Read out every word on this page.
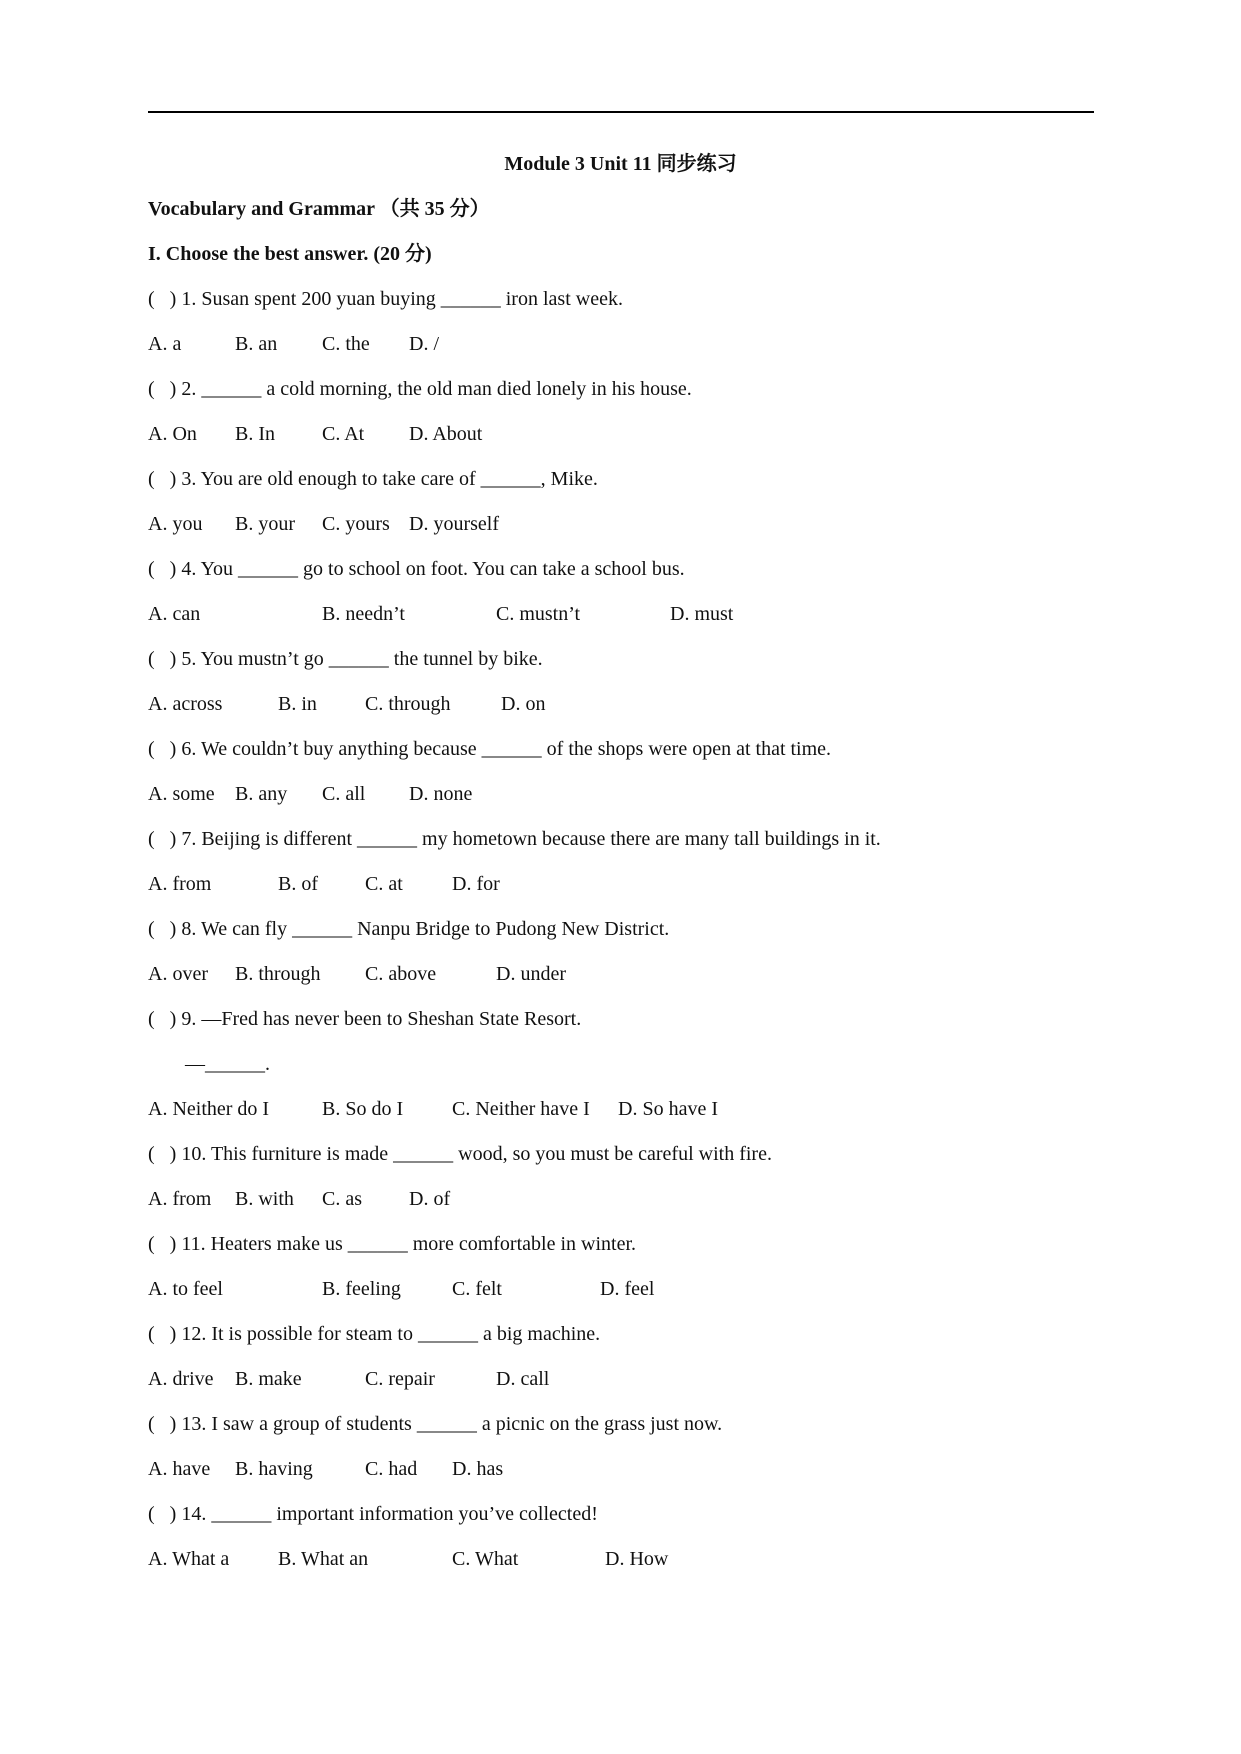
Module 3 Unit 11 同步练习

Vocabulary and Grammar （共 35 分）

I. Choose the best answer. (20 分)

(   ) 1. Susan spent 200 yuan buying ______ iron last week.

A. a	B. an C. the D. /

(   ) 2. ______ a cold morning, the old man died lonely in his house.

A. On B. In C. At D. About

(   ) 3. You are old enough to take care of ______, Mike.

A. you B. your C. yours D. yourself

(   ) 4. You ______ go to school on foot. You can take a school bus.

A. can	B. needn’t	C. mustn’t	D. must

(   ) 5. You mustn’t go ______ the tunnel by bike.

A. across	B. in C. through	D. on

(   ) 6. We couldn’t buy anything because ______ of the shops were open at that time.

A. some B. any C. all D. none

(   ) 7. Beijing is different ______ my hometown because there are many tall buildings in it.

A. from	B. of C. at D. for

(   ) 8. We can fly ______ Nanpu Bridge to Pudong New District.

A. over B. through C. above	D. under

(   ) 9. —Fred has never been to Sheshan State Resort.

—______.

A. Neither do I	B. So do I C. Neither have I D. So have I

(   ) 10. This furniture is made ______ wood, so you must be careful with fire.

A. from B. with C. as D. of

(   ) 11. Heaters make us ______ more comfortable in winter.

A. to feel	B. feeling	C. felt	D. feel

(   ) 12. It is possible for steam to ______ a big machine.

A. drive B. make	C. repair	D. call

(   ) 13. I saw a group of students ______ a picnic on the grass just now.

A. have B. having	C. had D. has

(   ) 14. ______ important information you’ve collected!

A. What a B. What an	C. What	D. How
